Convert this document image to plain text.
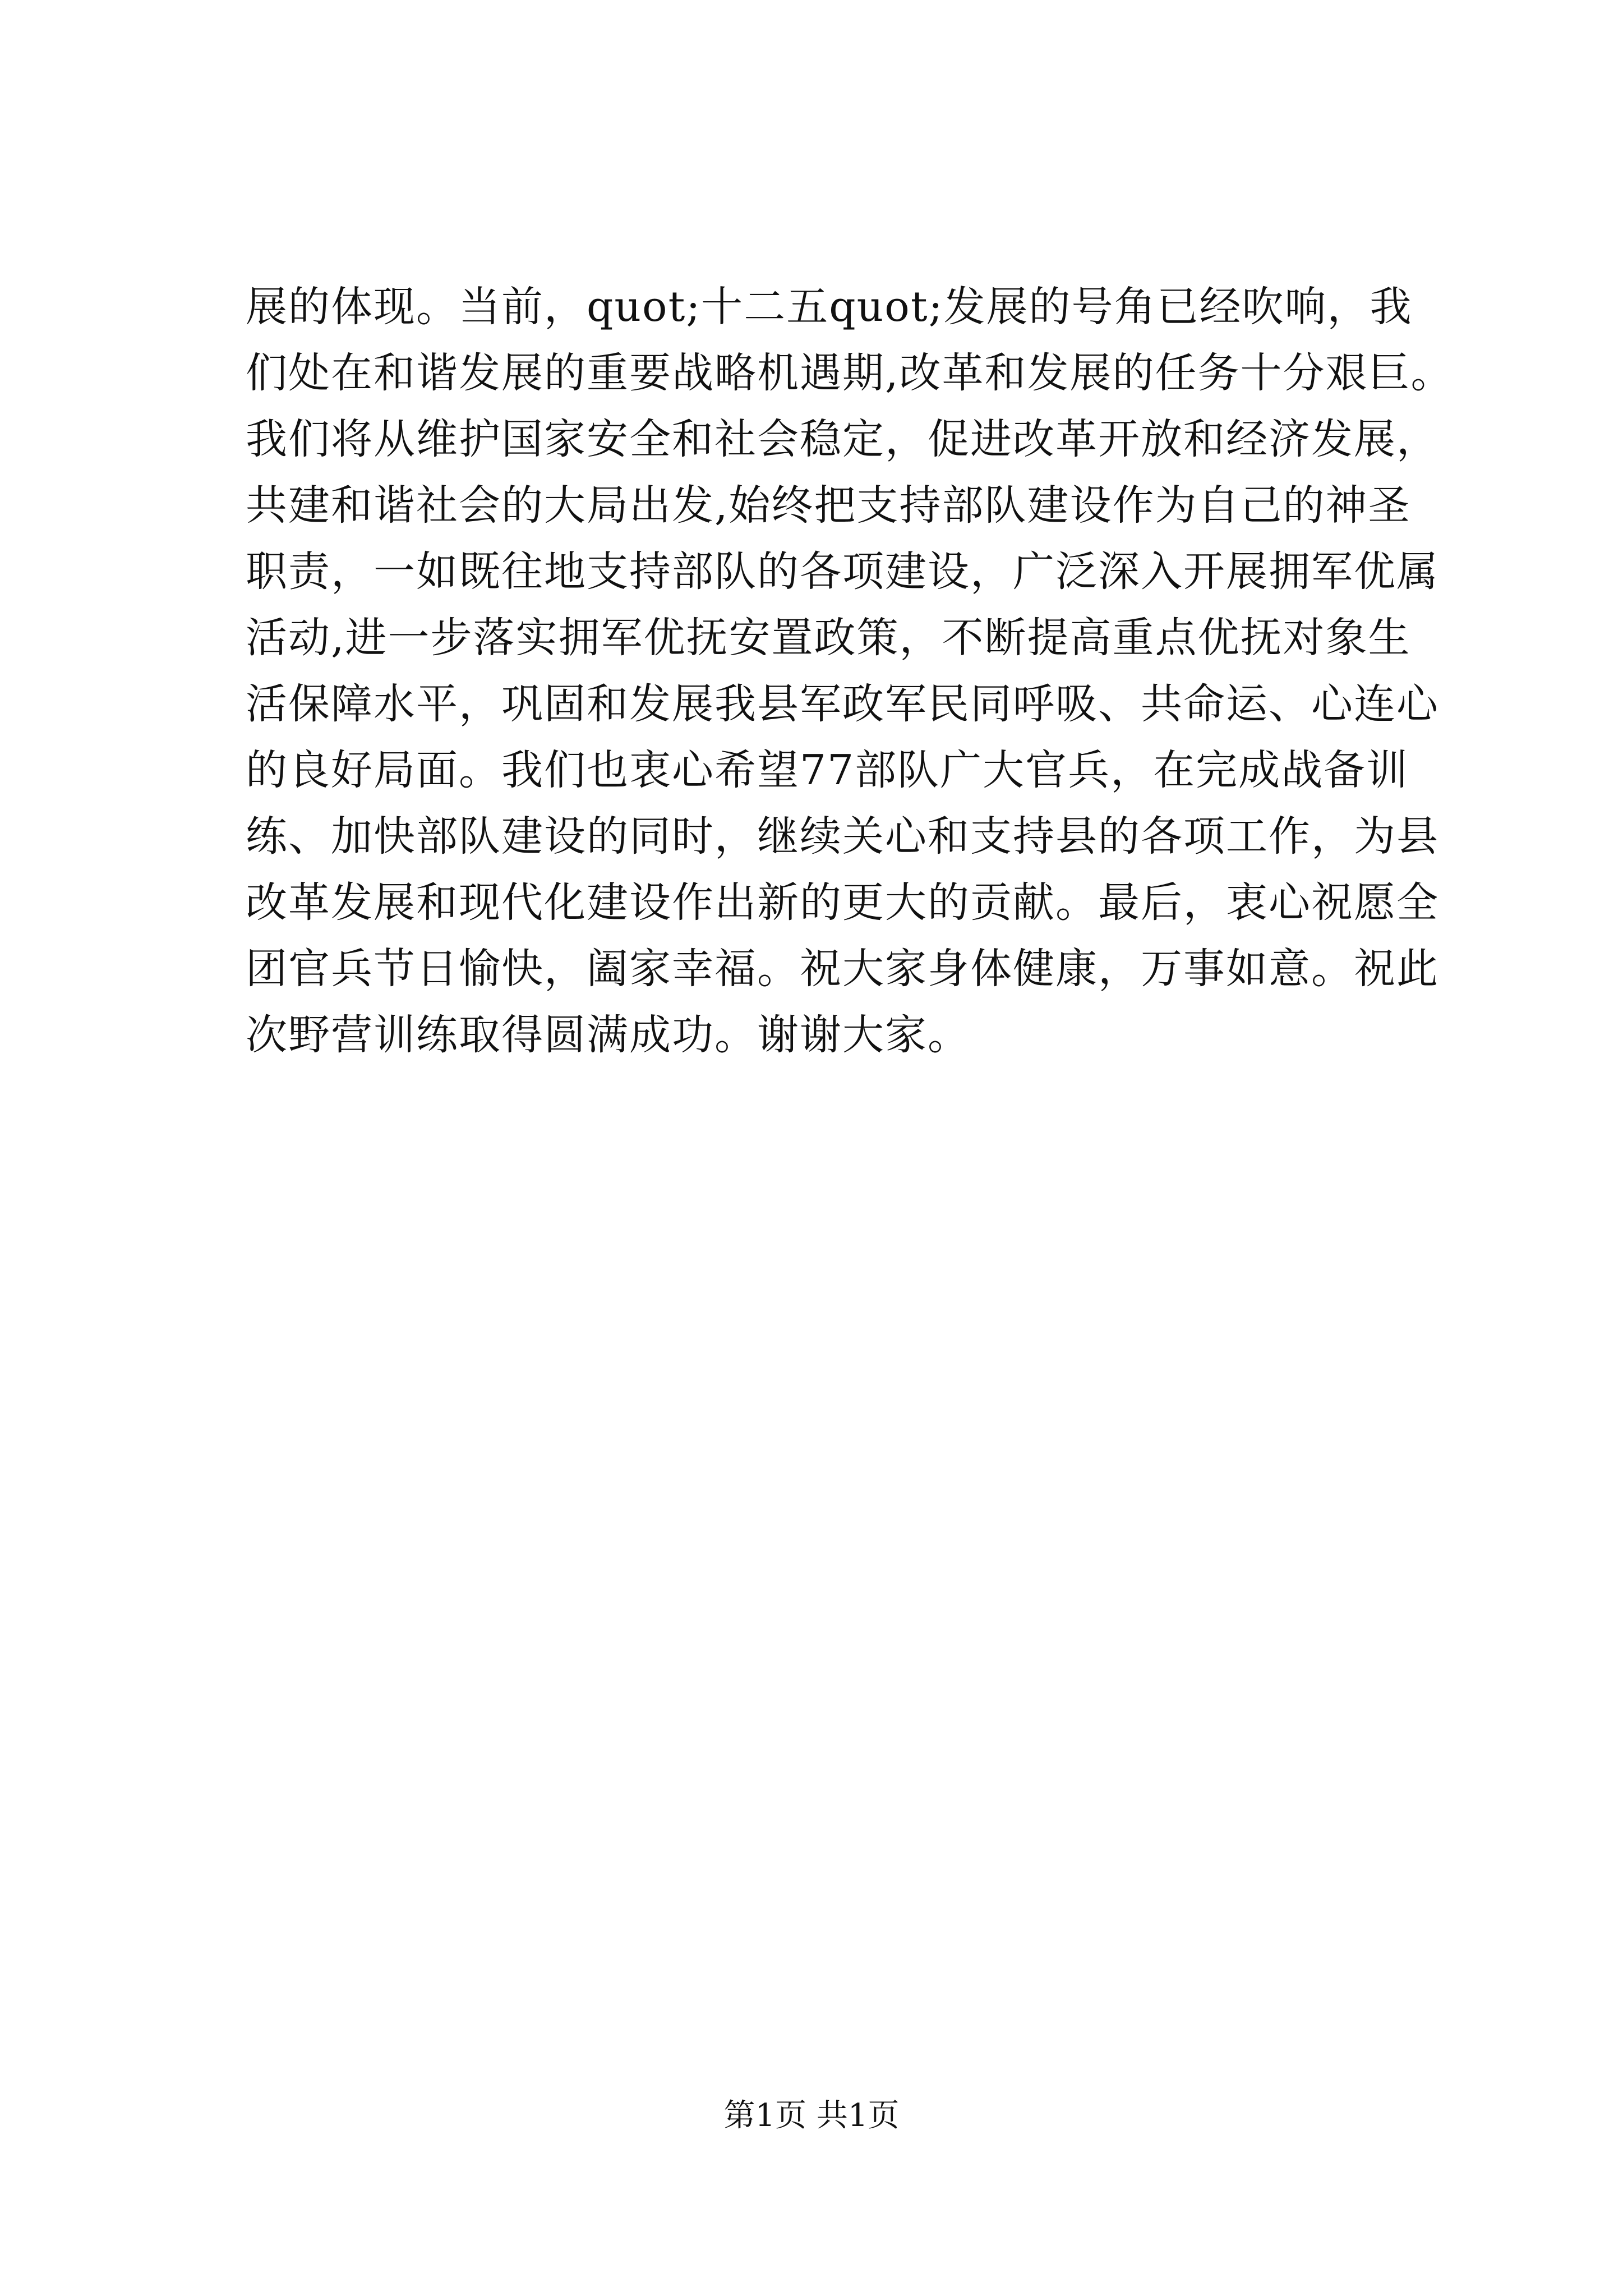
展的体现。当前，quot;十二五quot;发展的号角已经吹响，我
们处在和谐发展的重要战略机遇期,改革和发展的任务十分艰巨。
我们将从维护国家安全和社会稳定，促进改革开放和经济发展，
共建和谐社会的大局出发,始终把支持部队建设作为自己的神圣
职责，一如既往地支持部队的各项建设，广泛深入开展拥军优属
活动,进一步落实拥军优抚安置政策，不断提高重点优抚对象生
活保障水平，巩固和发展我县军政军民同呼吸、共命运、心连心
的良好局面。我们也衷心希望77部队广大官兵，在完成战备训
练、加快部队建设的同时，继续关心和支持县的各项工作，为县
改革发展和现代化建设作出新的更大的贡献。最后，衷心祝愿全
团官兵节日愉快，阖家幸福。祝大家身体健康，万事如意。祝此
次野营训练取得圆满成功。谢谢大家。
第1页 共1页
